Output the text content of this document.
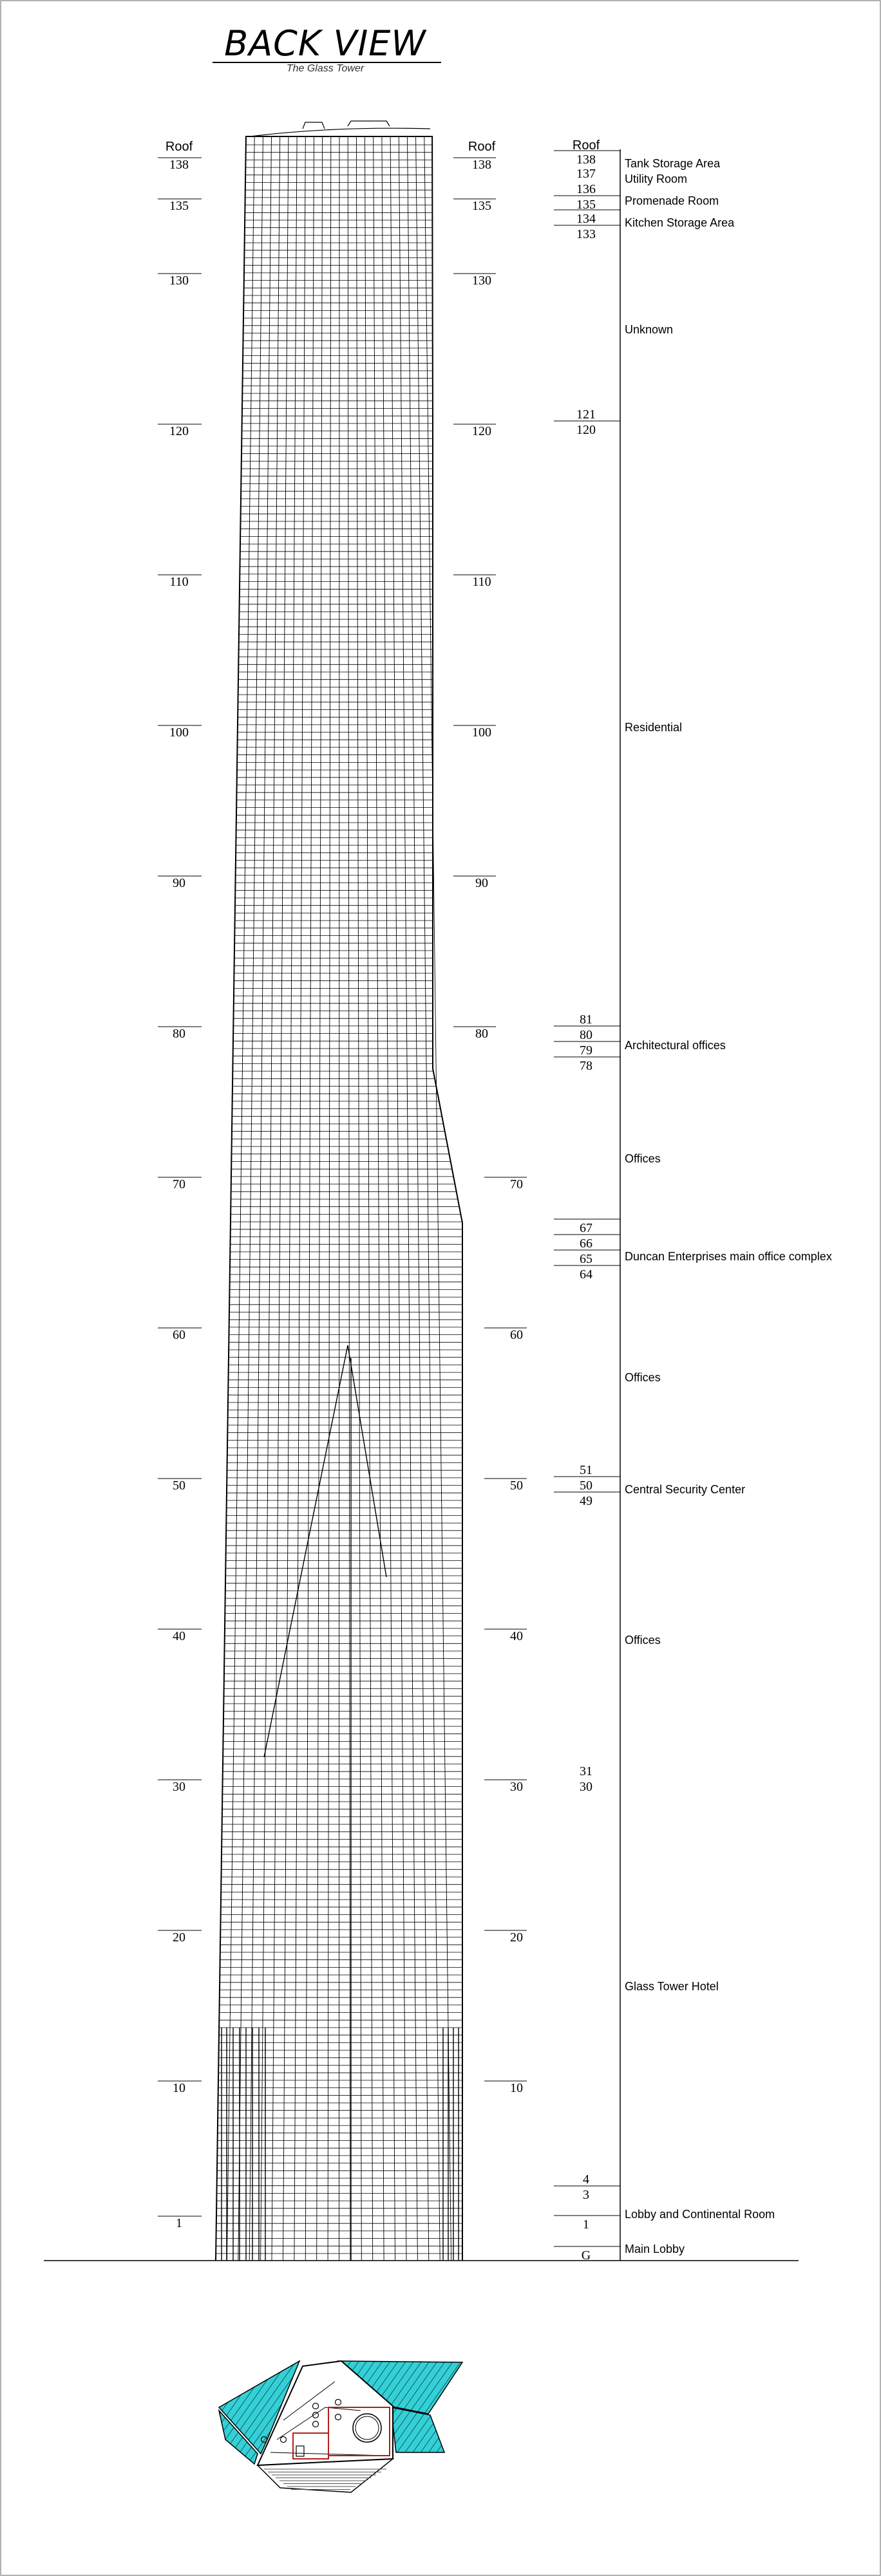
BACK VIEW
The Glass Tower
Roof
138
135
130
120
110
100
90
80
70
60
50
40
30
20
10
1
Roof
138
135
130
120
110
100
90
80
70
60
50
40
30
20
10
Roof
138
137
136
135
134
133
121
120
81
80
79
78
67
66
65
64
51
50
49
31
30
4
3
1
G
Tank Storage Area
Utility Room
Promenade Room
Kitchen Storage Area
Unknown
Residential
Architectural offices
Offices
Duncan Enterprises main office complex
Offices
Central Security Center
Offices
Glass Tower Hotel
Lobby and Continental Room
Main Lobby
